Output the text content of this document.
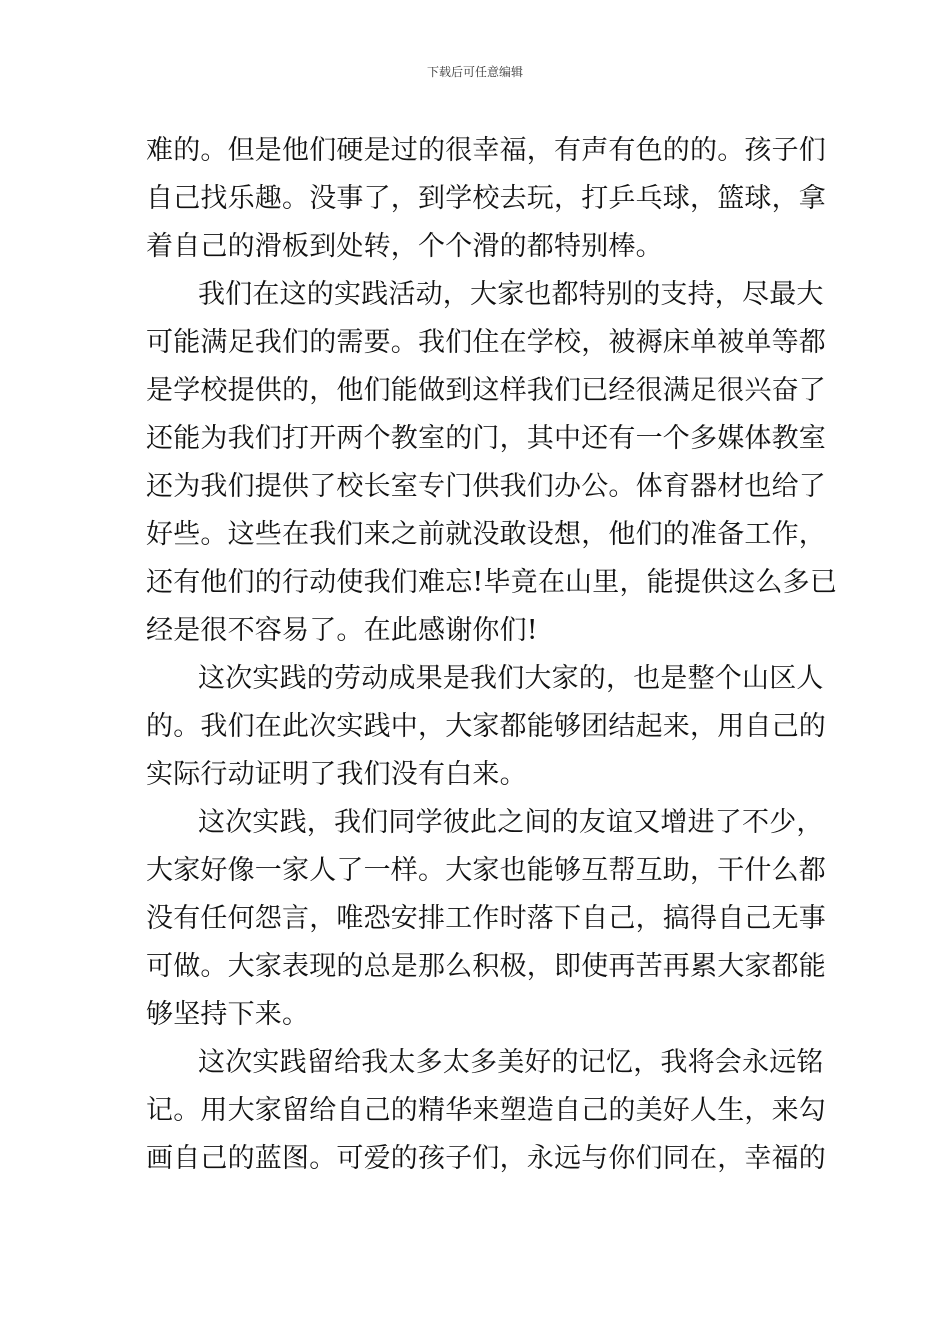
下载后可任意编辑
难的。但是他们硬是过的很幸福，有声有色的的。孩子们
自己找乐趣。没事了，到学校去玩，打乒乓球，篮球，拿
着自己的滑板到处转，个个滑的都特别棒。
我们在这的实践活动，大家也都特别的支持，尽最大
可能满足我们的需要。我们住在学校，被褥床单被单等都
是学校提供的，他们能做到这样我们已经很满足很兴奋了
还能为我们打开两个教室的门，其中还有一个多媒体教室
还为我们提供了校长室专门供我们办公。体育器材也给了
好些。这些在我们来之前就没敢设想，他们的准备工作，
还有他们的行动使我们难忘!毕竟在山里，能提供这么多已
经是很不容易了。在此感谢你们!
这次实践的劳动成果是我们大家的，也是整个山区人
的。我们在此次实践中，大家都能够团结起来，用自己的
实际行动证明了我们没有白来。
这次实践，我们同学彼此之间的友谊又增进了不少，
大家好像一家人了一样。大家也能够互帮互助，干什么都
没有任何怨言，唯恐安排工作时落下自己，搞得自己无事
可做。大家表现的总是那么积极，即使再苦再累大家都能
够坚持下来。
这次实践留给我太多太多美好的记忆，我将会永远铭
记。用大家留给自己的精华来塑造自己的美好人生，来勾
画自己的蓝图。可爱的孩子们，永远与你们同在，幸福的
